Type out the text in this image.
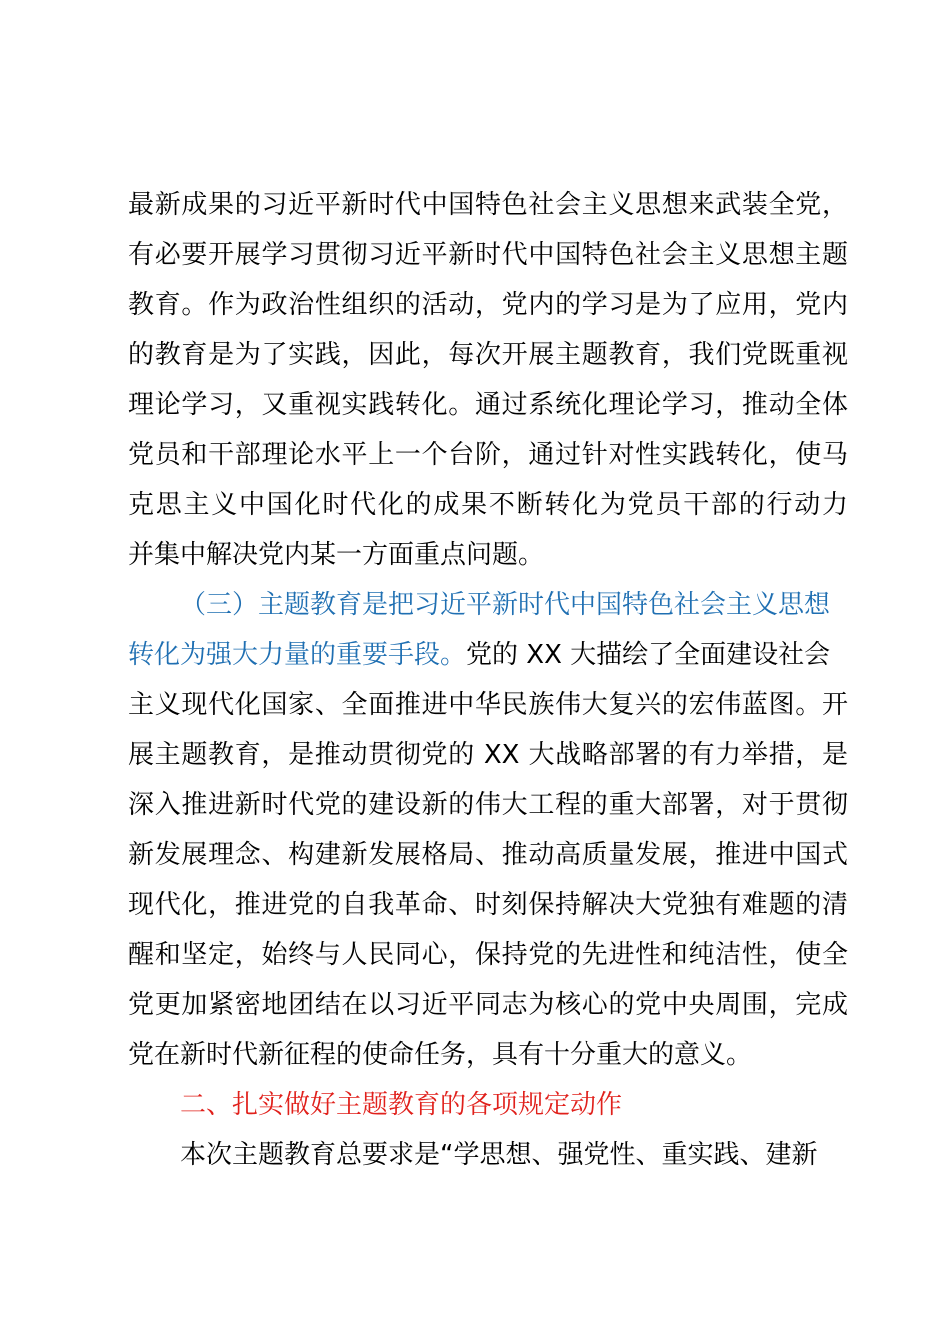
最新成果的习近平新时代中国特色社会主义思想来武装全党，
有必要开展学习贯彻习近平新时代中国特色社会主义思想主题
教育。作为政治性组织的活动，党内的学习是为了应用，党内
的教育是为了实践，因此，每次开展主题教育，我们党既重视
理论学习，又重视实践转化。通过系统化理论学习，推动全体
党员和干部理论水平上一个台阶，通过针对性实践转化，使马
克思主义中国化时代化的成果不断转化为党员干部的行动力
并集中解决党内某一方面重点问题。
（三）主题教育是把习近平新时代中国特色社会主义思想
转化为强大力量的重要手段。党的 XX 大描绘了全面建设社会
主义现代化国家、全面推进中华民族伟大复兴的宏伟蓝图。开
展主题教育，是推动贯彻党的 XX 大战略部署的有力举措，是
深入推进新时代党的建设新的伟大工程的重大部署，对于贯彻
新发展理念、构建新发展格局、推动高质量发展，推进中国式
现代化，推进党的自我革命、时刻保持解决大党独有难题的清
醒和坚定，始终与人民同心，保持党的先进性和纯洁性，使全
党更加紧密地团结在以习近平同志为核心的党中央周围，完成
党在新时代新征程的使命任务，具有十分重大的意义。
二、扎实做好主题教育的各项规定动作
本次主题教育总要求是“学思想、强党性、重实践、建新
